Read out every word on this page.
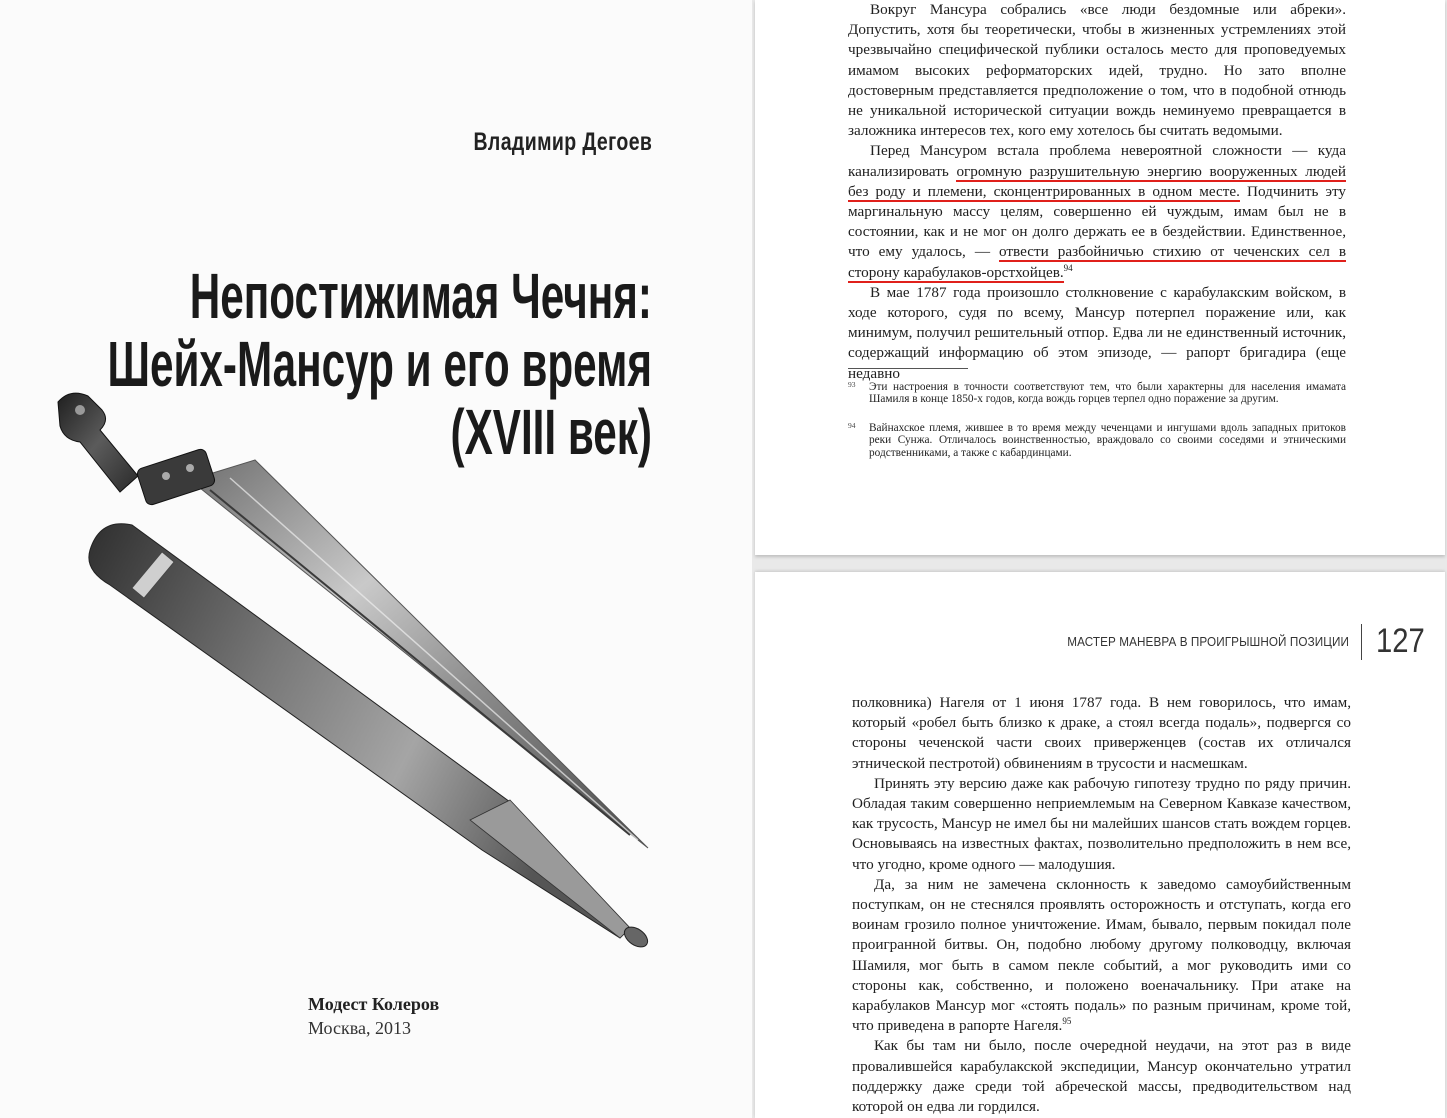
Владимир Дегоев
Непостижимая Чечня:
Шейх-Мансур и его время
(XVIII век)
Модест Колеров
Москва, 2013

Вокруг Мансура собрались «все люди бездомные или абреки». Допустить, хотя бы теоретически, чтобы в жизненных устремлениях этой чрезвычайно специфической публики осталось место для проповедуемых имамом высоких реформаторских идей, трудно. Но зато вполне достоверным представляется предположение о том, что в подобной отнюдь не уникальной исторической ситуации вождь неминуемо превращается в заложника интересов тех, кого ему хотелось бы считать ведомыми.

Перед Мансуром встала проблема невероятной сложности — куда канализировать огромную разрушительную энергию вооруженных людей без роду и племени, сконцентрированных в одном месте. Подчинить эту маргинальную массу целям, совершенно ей чуждым, имам был не в состоянии, как и не мог он долго держать ее в бездействии. Единственное, что ему удалось, — отвести разбойничью стихию от чеченских сел в сторону карабулаков-орстхойцев.$^{94}$

В мае 1787 года произошло столкновение с карабулакским войском, в ходе которого, судя по всему, Мансур потерпел поражение или, как минимум, получил решительный отпор. Едва ли не единственный источник, содержащий информацию об этом эпизоде, — рапорт бригадира (еще недавно

93 Эти настроения в точности соответствуют тем, что были характерны для населения имамата Шамиля в конце 1850-х годов, когда вождь горцев терпел одно поражение за другим.
94 Вайнахское племя, жившее в то время между чеченцами и ингушами вдоль западных притоков реки Сунжа. Отличалось воинственностью, враждовало со своими соседями и этническими родственниками, а также с кабардинцами.
МАСТЕР МАНЕВРА В ПРОИГРЫШНОЙ ПОЗИЦИИ 127

полковника) Нагеля от 1 июня 1787 года. В нем говорилось, что имам, который «робел быть близко к драке, а стоял всегда подаль», подвергся со стороны чеченской части своих приверженцев (состав их отличался этнической пестротой) обвинениям в трусости и насмешкам.

Принять эту версию даже как рабочую гипотезу трудно по ряду причин. Обладая таким совершенно неприемлемым на Северном Кавказе качеством, как трусость, Мансур не имел бы ни малейших шансов стать вождем горцев. Основываясь на известных фактах, позволительно предположить в нем все, что угодно, кроме одного — малодушия.

Да, за ним не замечена склонность к заведомо самоубийственным поступкам, он не стеснялся проявлять осторожность и отступать, когда его воинам грозило полное уничтожение. Имам, бывало, первым покидал поле проигранной битвы. Он, подобно любому другому полководцу, включая Шамиля, мог быть в самом пекле событий, а мог руководить ими со стороны как, собственно, и положено военачальнику. При атаке на карабулаков Мансур мог «стоять подаль» по разным причинам, кроме той, что приведена в рапорте Нагеля.$^{95}$

Как бы там ни было, после очередной неудачи, на этот раз в виде провалившейся карабулакской экспедиции, Мансур окончательно утратил поддержку даже среди той абреческой массы, предводительством над которой он едва ли гордился.
